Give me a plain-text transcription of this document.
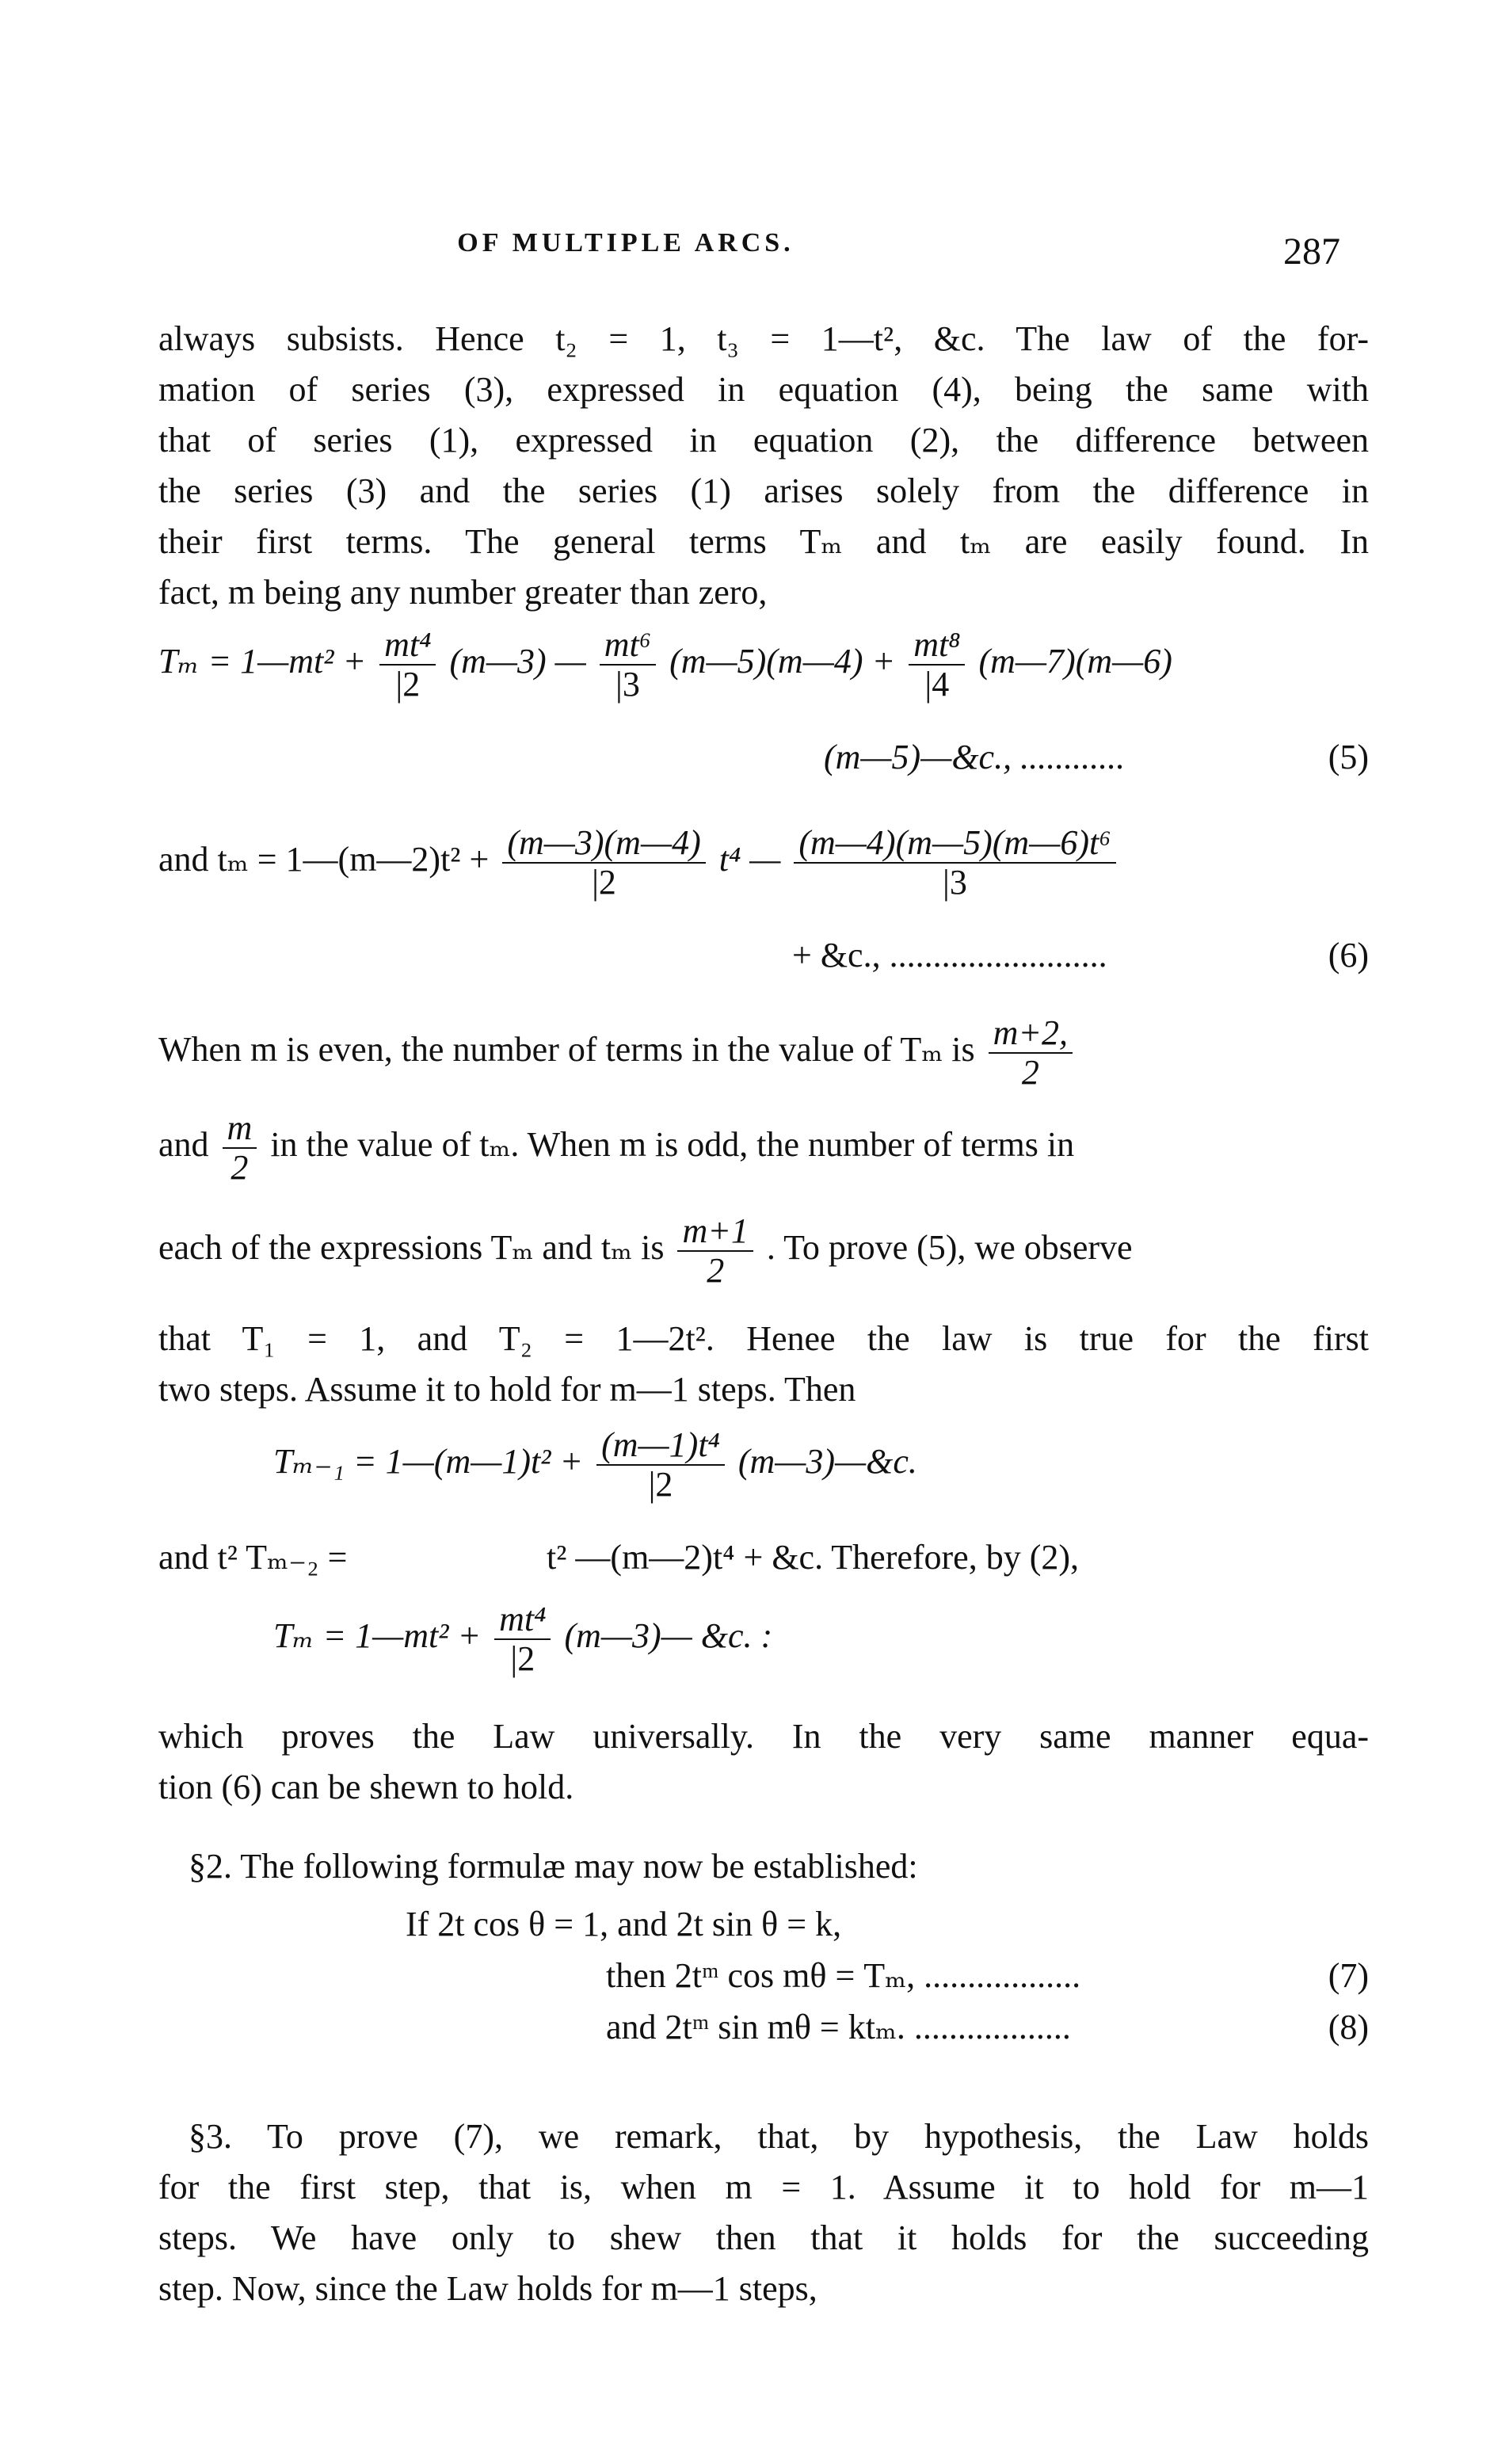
OF MULTIPLE ARCS.	287
always subsists. Hence t₂ = 1, t₃ = 1—t², &c. The law of the for-
mation of series (3), expressed in equation (4), being the same with
that of series (1), expressed in equation (2), the difference between
the series (3) and the series (1) arises solely from the difference in
their first terms. The general terms Tₘ and tₘ are easily found. In
fact, m being any number greater than zero,
Tₘ = 1—mt² + $\frac{\text{mt⁴}}{|2}$ (m—3) — $\frac{\text{mt⁶}}{|3}$ (m—5)(m—4) + $\frac{\text{mt⁸}}{|4}$ (m—7)(m—6)
(m—5)—&c., ............	(5)
and tₘ = 1—(m—2)t² + $\frac{(m—3)(m—4)}{|2} t^4$ — $\frac{\text{(m—4)(m—5)(m—6)t⁶}}{|3}$
+ &c., .........................	(6)
When m is even, the number of terms in the value of Tₘ is $\frac{m+2,}{2}$
and $\frac{m}{2}$ in the value of tₘ. When m is odd, the number of terms in
each of the expressions Tₘ and tₘ is $\frac{m+1}{2}$ . To prove (5), we observe
that T₁ = 1, and T₂ = 1—2t². Henee the law is true for the first
two steps. Assume it to hold for m—1 steps. Then
Tₘ₋₁ = 1—(m—1)t² + $\frac{\text{(m—1)t⁴}}{|2}$ (m—3)—&c.
and t² Tₘ₋₂ =	t² —(m—2)t⁴ + &c. Therefore, by (2),
Tₘ = 1—mt² + $\frac{\text{mt⁴}}{|2}$ (m—3)— &c. :
which proves the Law universally. In the very same manner equa-
tion (6) can be shewn to hold.
§2. The following formulæ may now be established:
If 2t cos θ = 1, and 2t sin θ = k,
then 2tᵐ cos mθ = Tₘ, ..................	(7)
and 2tᵐ sin mθ = ktₘ. ..................	(8)
§3. To prove (7), we remark, that, by hypothesis, the Law holds
for the first step, that is, when m = 1. Assume it to hold for m—1
steps. We have only to shew then that it holds for the succeeding
step. Now, since the Law holds for m—1 steps,
